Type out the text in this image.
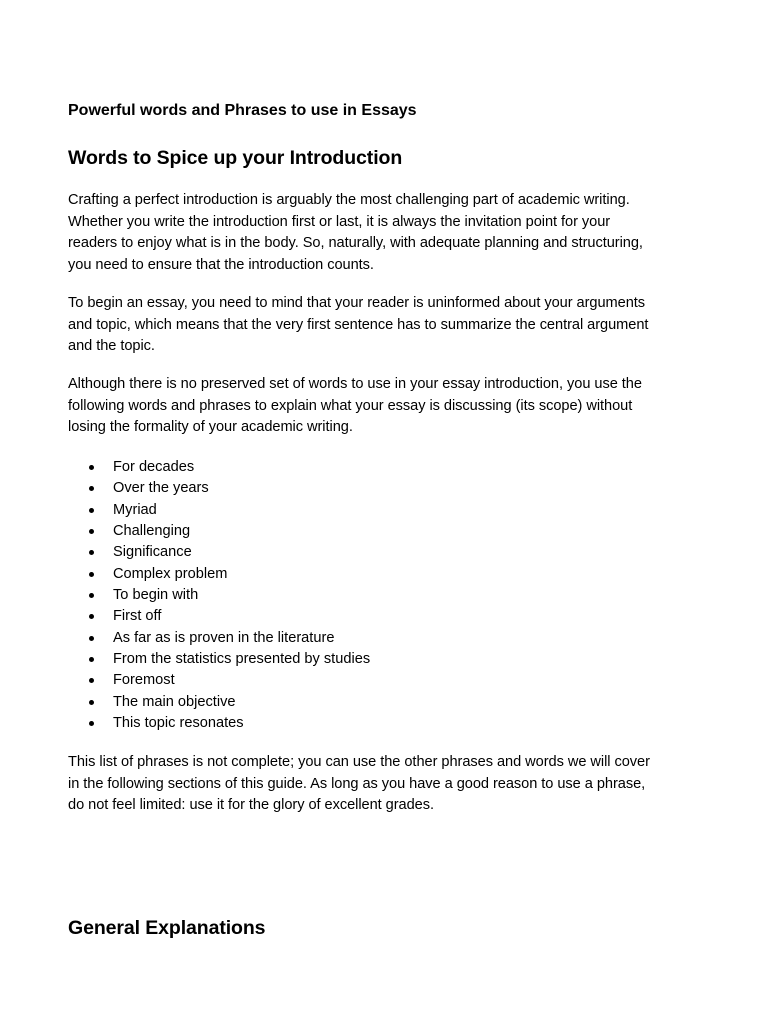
Powerful words and Phrases to use in Essays
Words to Spice up your Introduction

Crafting a perfect introduction is arguably the most challenging part of academic writing.
Whether you write the introduction first or last, it is always the invitation point for your
readers to enjoy what is in the body. So, naturally, with adequate planning and structuring,
you need to ensure that the introduction counts.

To begin an essay, you need to mind that your reader is uninformed about your arguments
and topic, which means that the very first sentence has to summarize the central argument
and the topic.

Although there is no preserved set of words to use in your essay introduction, you use the
following words and phrases to explain what your essay is discussing (its scope) without
losing the formality of your academic writing.

For decades
Over the years
Myriad
Challenging
Significance
Complex problem
To begin with
First off
As far as is proven in the literature
From the statistics presented by studies
Foremost
The main objective
This topic resonates

This list of phrases is not complete; you can use the other phrases and words we will cover
in the following sections of this guide. As long as you have a good reason to use a phrase,
do not feel limited: use it for the glory of excellent grades.

General Explanations
